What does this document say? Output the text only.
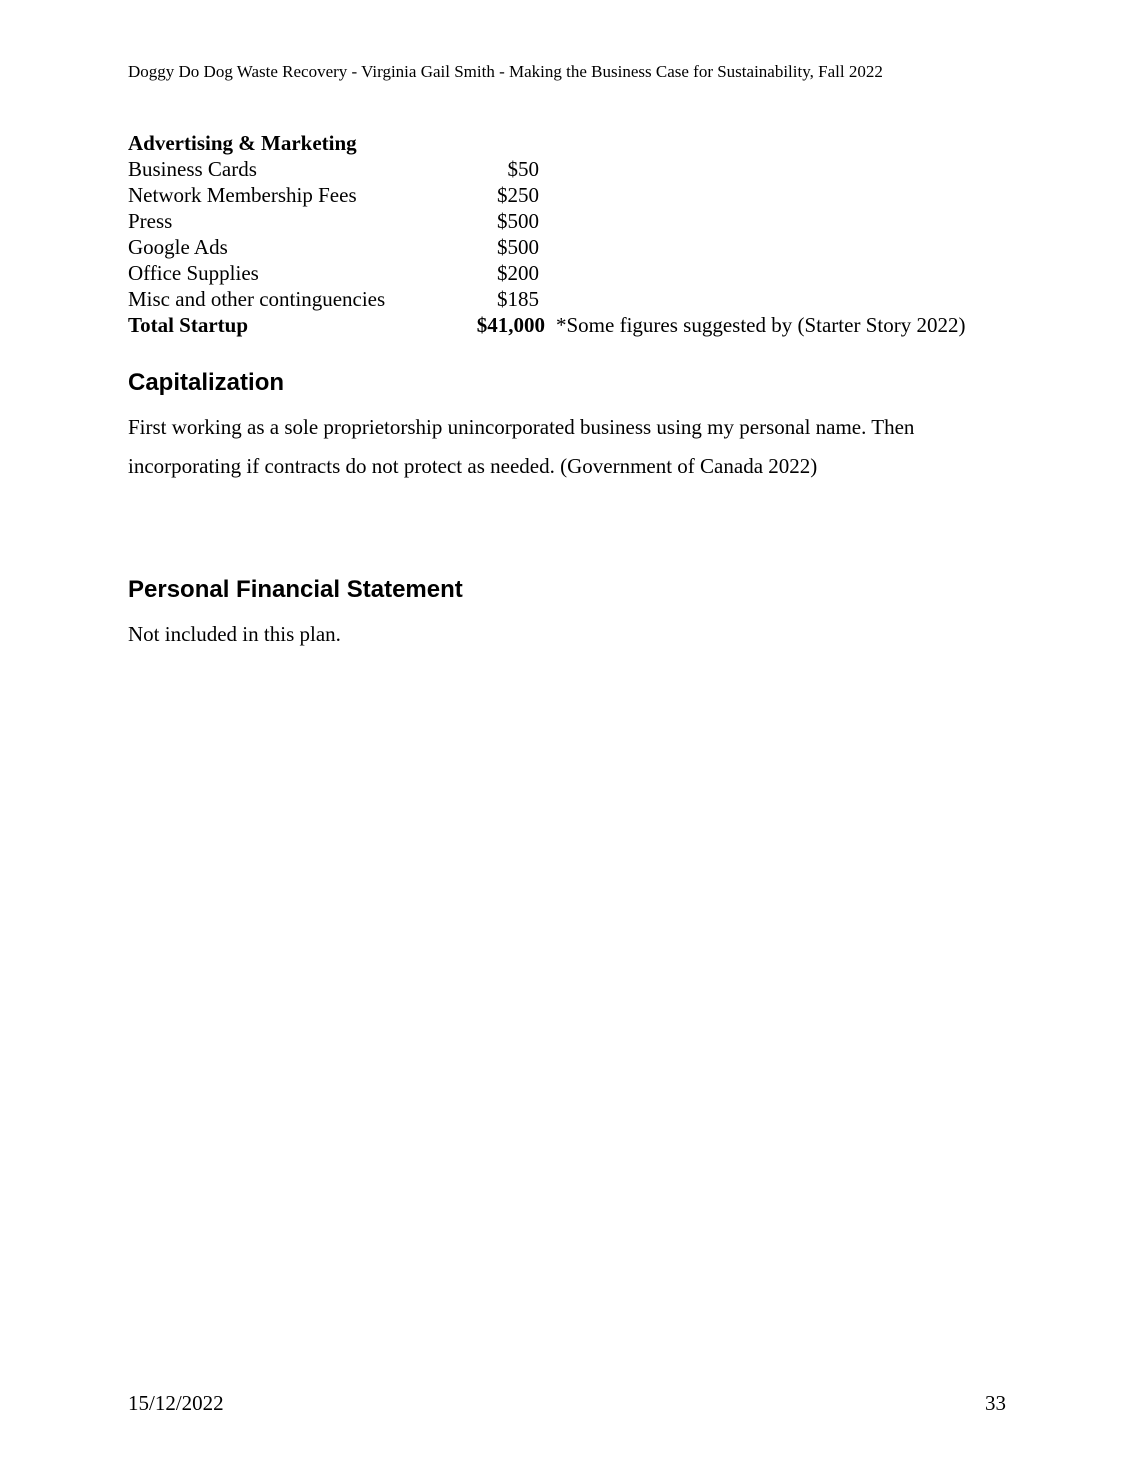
Doggy Do Dog Waste Recovery - Virginia Gail Smith - Making the Business Case for Sustainability, Fall 2022
Advertising & Marketing
Business Cards	$50
Network Membership Fees	$250
Press	$500
Google Ads	$500
Office Supplies	$200
Misc and other continguencies	$185
Total Startup	$41,000 *Some figures suggested by (Starter Story 2022)
Capitalization
First working as a sole proprietorship unincorporated business using my personal name. Then incorporating if contracts do not protect as needed. (Government of Canada 2022)
Personal Financial Statement
Not included in this plan.
15/12/2022	33
